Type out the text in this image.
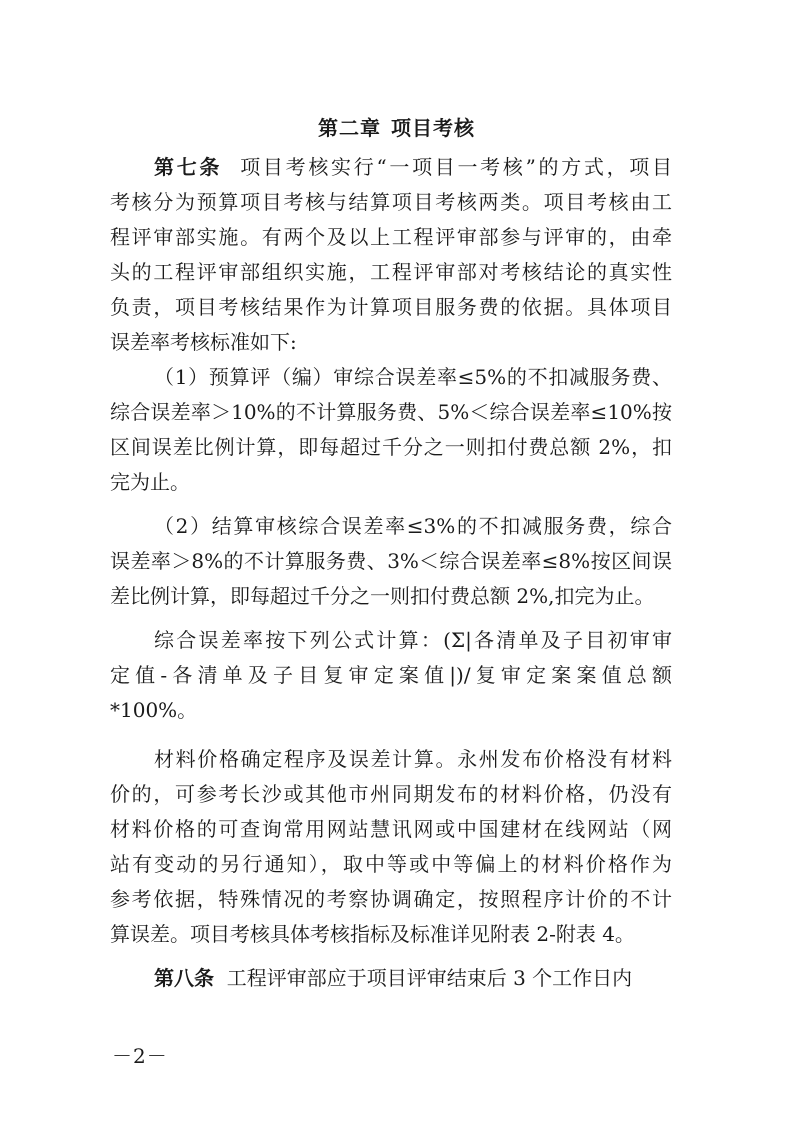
第二章 项目考核
第七条 项目考核实行“一项目一考核”的方式，项目
考核分为预算项目考核与结算项目考核两类。项目考核由工
程评审部实施。有两个及以上工程评审部参与评审的，由牵
头的工程评审部组织实施，工程评审部对考核结论的真实性
负责，项目考核结果作为计算项目服务费的依据。具体项目
误差率考核标准如下:
（1）预算评（编）审综合误差率≤5%的不扣减服务费、
综合误差率＞10%的不计算服务费、5%＜综合误差率≤10%按
区间误差比例计算，即每超过千分之一则扣付费总额 2%，扣
完为止。
（2）结算审核综合误差率≤3%的不扣减服务费，综合
误差率＞8%的不计算服务费、3%＜综合误差率≤8%按区间误
差比例计算，即每超过千分之一则扣付费总额 2%,扣完为止。
综合误差率按下列公式计算：(Σ|各清单及子目初审审
定值-各清单及子目复审定案值|)/复审定案案值总额
*100%。
材料价格确定程序及误差计算。永州发布价格没有材料
价的，可参考长沙或其他市州同期发布的材料价格，仍没有
材料价格的可查询常用网站慧讯网或中国建材在线网站（网
站有变动的另行通知），取中等或中等偏上的材料价格作为
参考依据，特殊情况的考察协调确定，按照程序计价的不计
算误差。项目考核具体考核指标及标准详见附表 2-附表 4。
第八条 工程评审部应于项目评审结束后 3 个工作日内
－2－
